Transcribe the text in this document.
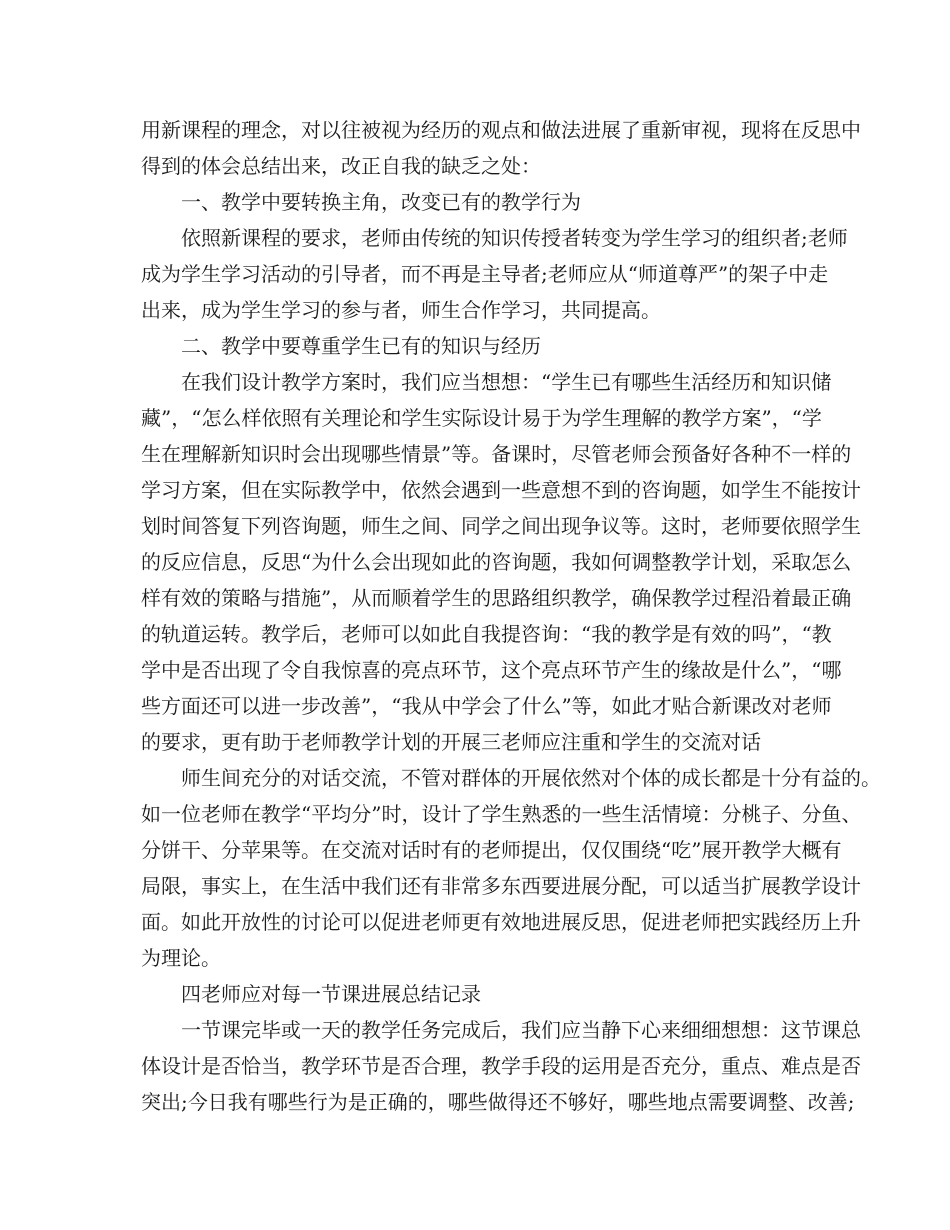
用新课程的理念，对以往被视为经历的观点和做法进展了重新审视，现将在反思中
得到的体会总结出来，改正自我的缺乏之处：
一、教学中要转换主角，改变已有的教学行为
依照新课程的要求，老师由传统的知识传授者转变为学生学习的组织者;老师
成为学生学习活动的引导者，而不再是主导者;老师应从“师道尊严”的架子中走
出来，成为学生学习的参与者，师生合作学习，共同提高。
二、教学中要尊重学生已有的知识与经历
在我们设计教学方案时，我们应当想想：“学生已有哪些生活经历和知识储
藏”，“怎么样依照有关理论和学生实际设计易于为学生理解的教学方案”，“学
生在理解新知识时会出现哪些情景”等。备课时，尽管老师会预备好各种不一样的
学习方案，但在实际教学中，依然会遇到一些意想不到的咨询题，如学生不能按计
划时间答复下列咨询题，师生之间、同学之间出现争议等。这时，老师要依照学生
的反应信息，反思“为什么会出现如此的咨询题，我如何调整教学计划，采取怎么
样有效的策略与措施”，从而顺着学生的思路组织教学，确保教学过程沿着最正确
的轨道运转。教学后，老师可以如此自我提咨询：“我的教学是有效的吗”，“教
学中是否出现了令自我惊喜的亮点环节，这个亮点环节产生的缘故是什么”，“哪
些方面还可以进一步改善”，“我从中学会了什么”等，如此才贴合新课改对老师
的要求，更有助于老师教学计划的开展三老师应注重和学生的交流对话
师生间充分的对话交流，不管对群体的开展依然对个体的成长都是十分有益的。
如一位老师在教学“平均分”时，设计了学生熟悉的一些生活情境：分桃子、分鱼、
分饼干、分苹果等。在交流对话时有的老师提出，仅仅围绕“吃”展开教学大概有
局限，事实上，在生活中我们还有非常多东西要进展分配，可以适当扩展教学设计
面。如此开放性的讨论可以促进老师更有效地进展反思，促进老师把实践经历上升
为理论。
四老师应对每一节课进展总结记录
一节课完毕或一天的教学任务完成后，我们应当静下心来细细想想：这节课总
体设计是否恰当，教学环节是否合理，教学手段的运用是否充分，重点、难点是否
突出;今日我有哪些行为是正确的，哪些做得还不够好，哪些地点需要调整、改善;
